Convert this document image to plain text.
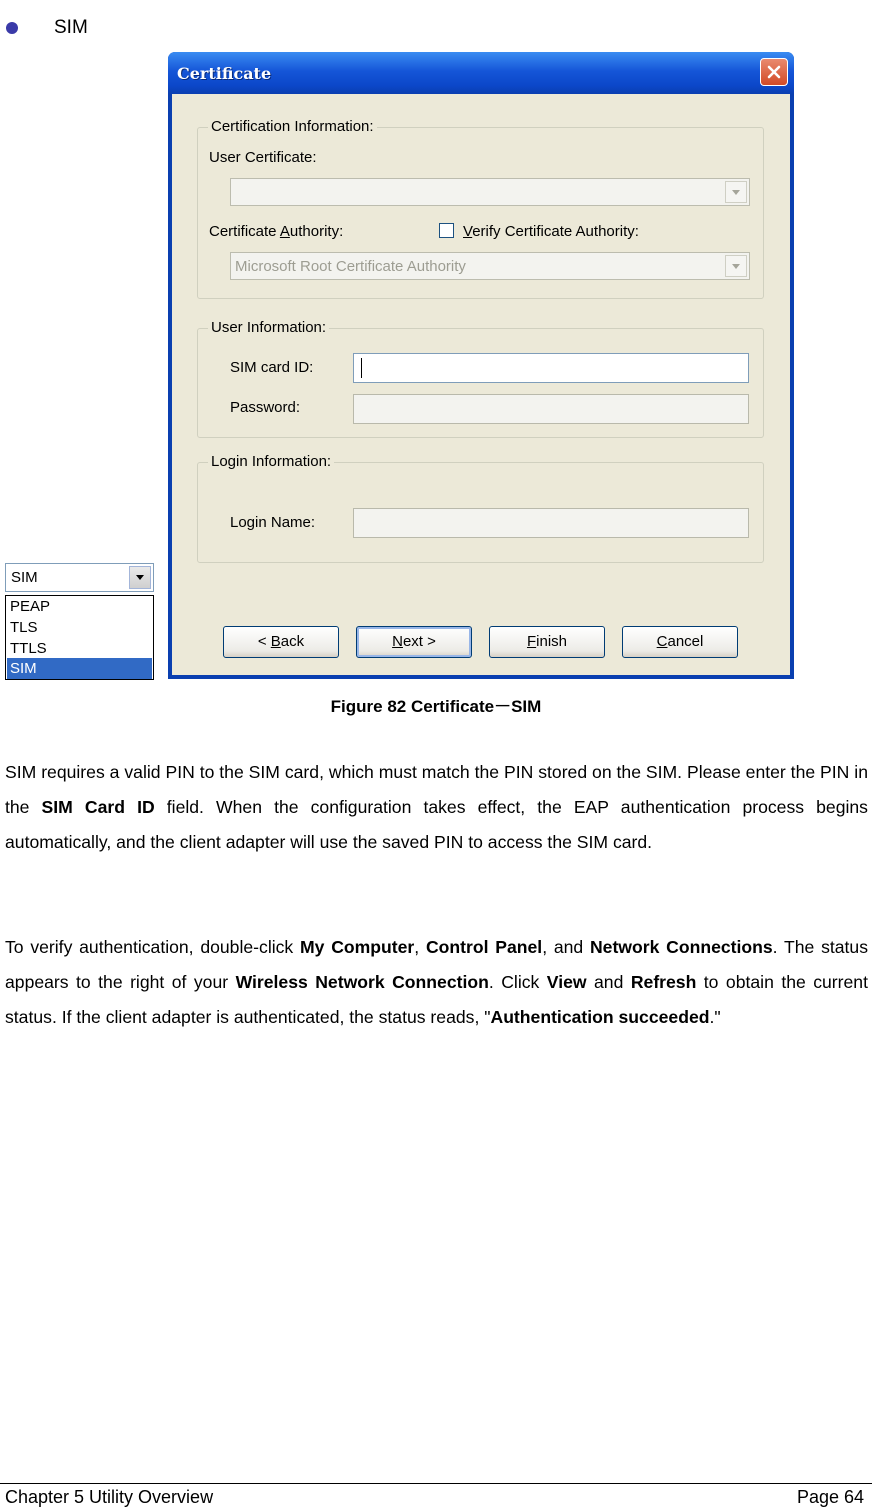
SIM
Certificate
Certification Information:
User Certificate:
Certificate Authority:	Verify Certificate Authority:
Microsoft Root Certificate Authority
User Information:
SIM card ID:
Password:
Login Information:
Login Name:
< Back	Next >	Finish	Cancel
SIM
PEAP
TLS
TTLS
SIM
Figure 82 Certificate－SIM

SIM requires a valid PIN to the SIM card, which must match the PIN stored on the SIM. Please enter the PIN in the SIM Card ID field. When the configuration takes effect, the EAP authentication process begins automatically, and the client adapter will use the saved PIN to access the SIM card.

To verify authentication, double-click My Computer, Control Panel, and Network Connections. The status appears to the right of your Wireless Network Connection. Click View and Refresh to obtain the current status. If the client adapter is authenticated, the status reads, "Authentication succeeded."

Chapter 5 Utility Overview	Page 64
